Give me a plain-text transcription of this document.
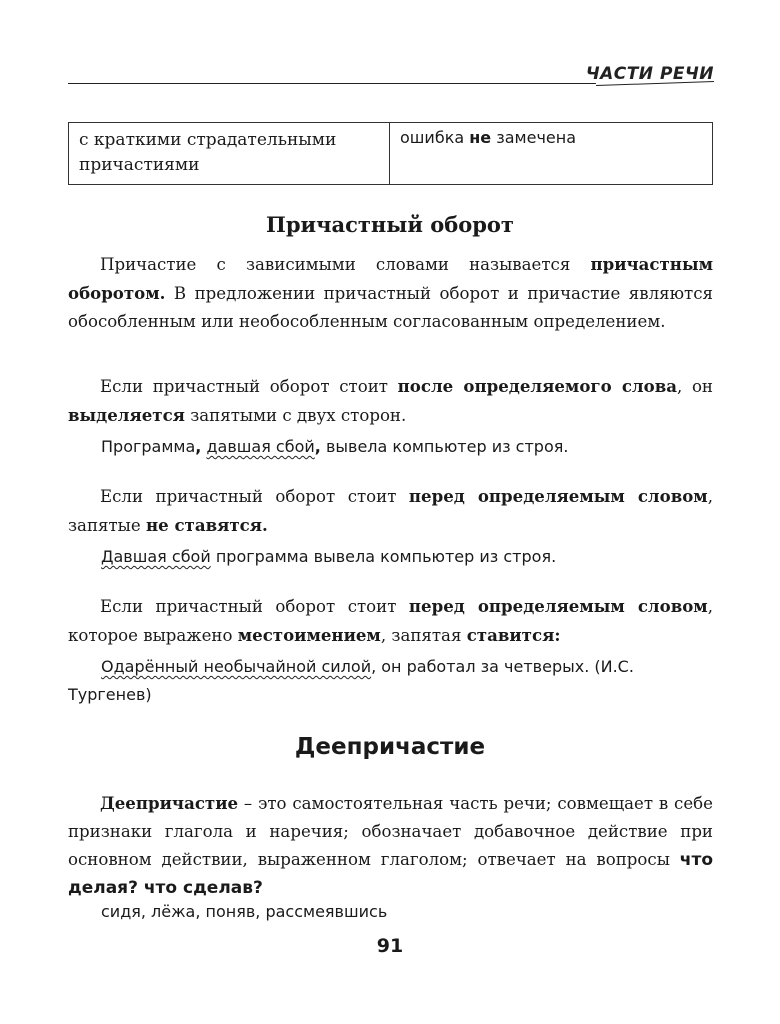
ЧАСТИ РЕЧИ
с краткими страдательными причастиями	ошибка не замечена
Причастный оборот

Причастие с зависимыми словами называется причастным оборотом. В предложении причастный оборот и причастие являются обособленным или необособленным согласованным определением.

Если причастный оборот стоит после определяемого слова, он выделяется запятыми с двух сторон.

Программа, давшая сбой, вывела компьютер из строя.

Если причастный оборот стоит перед определяемым словом, запятые не ставятся.

Давшая сбой программа вывела компьютер из строя.

Если причастный оборот стоит перед определяемым словом, которое выражено местоимением, запятая ставится:

Одарённый необычайной силой, он работал за четверых. (И.С. Тургенев)

Деепричастие

Деепричастие – это самостоятельная часть речи; совмещает в себе признаки глагола и наречия; обозначает добавочное действие при основном действии, выраженном глаголом; отвечает на вопросы что делая? что сделав?

сидя, лёжа, поняв, рассмеявшись

91
